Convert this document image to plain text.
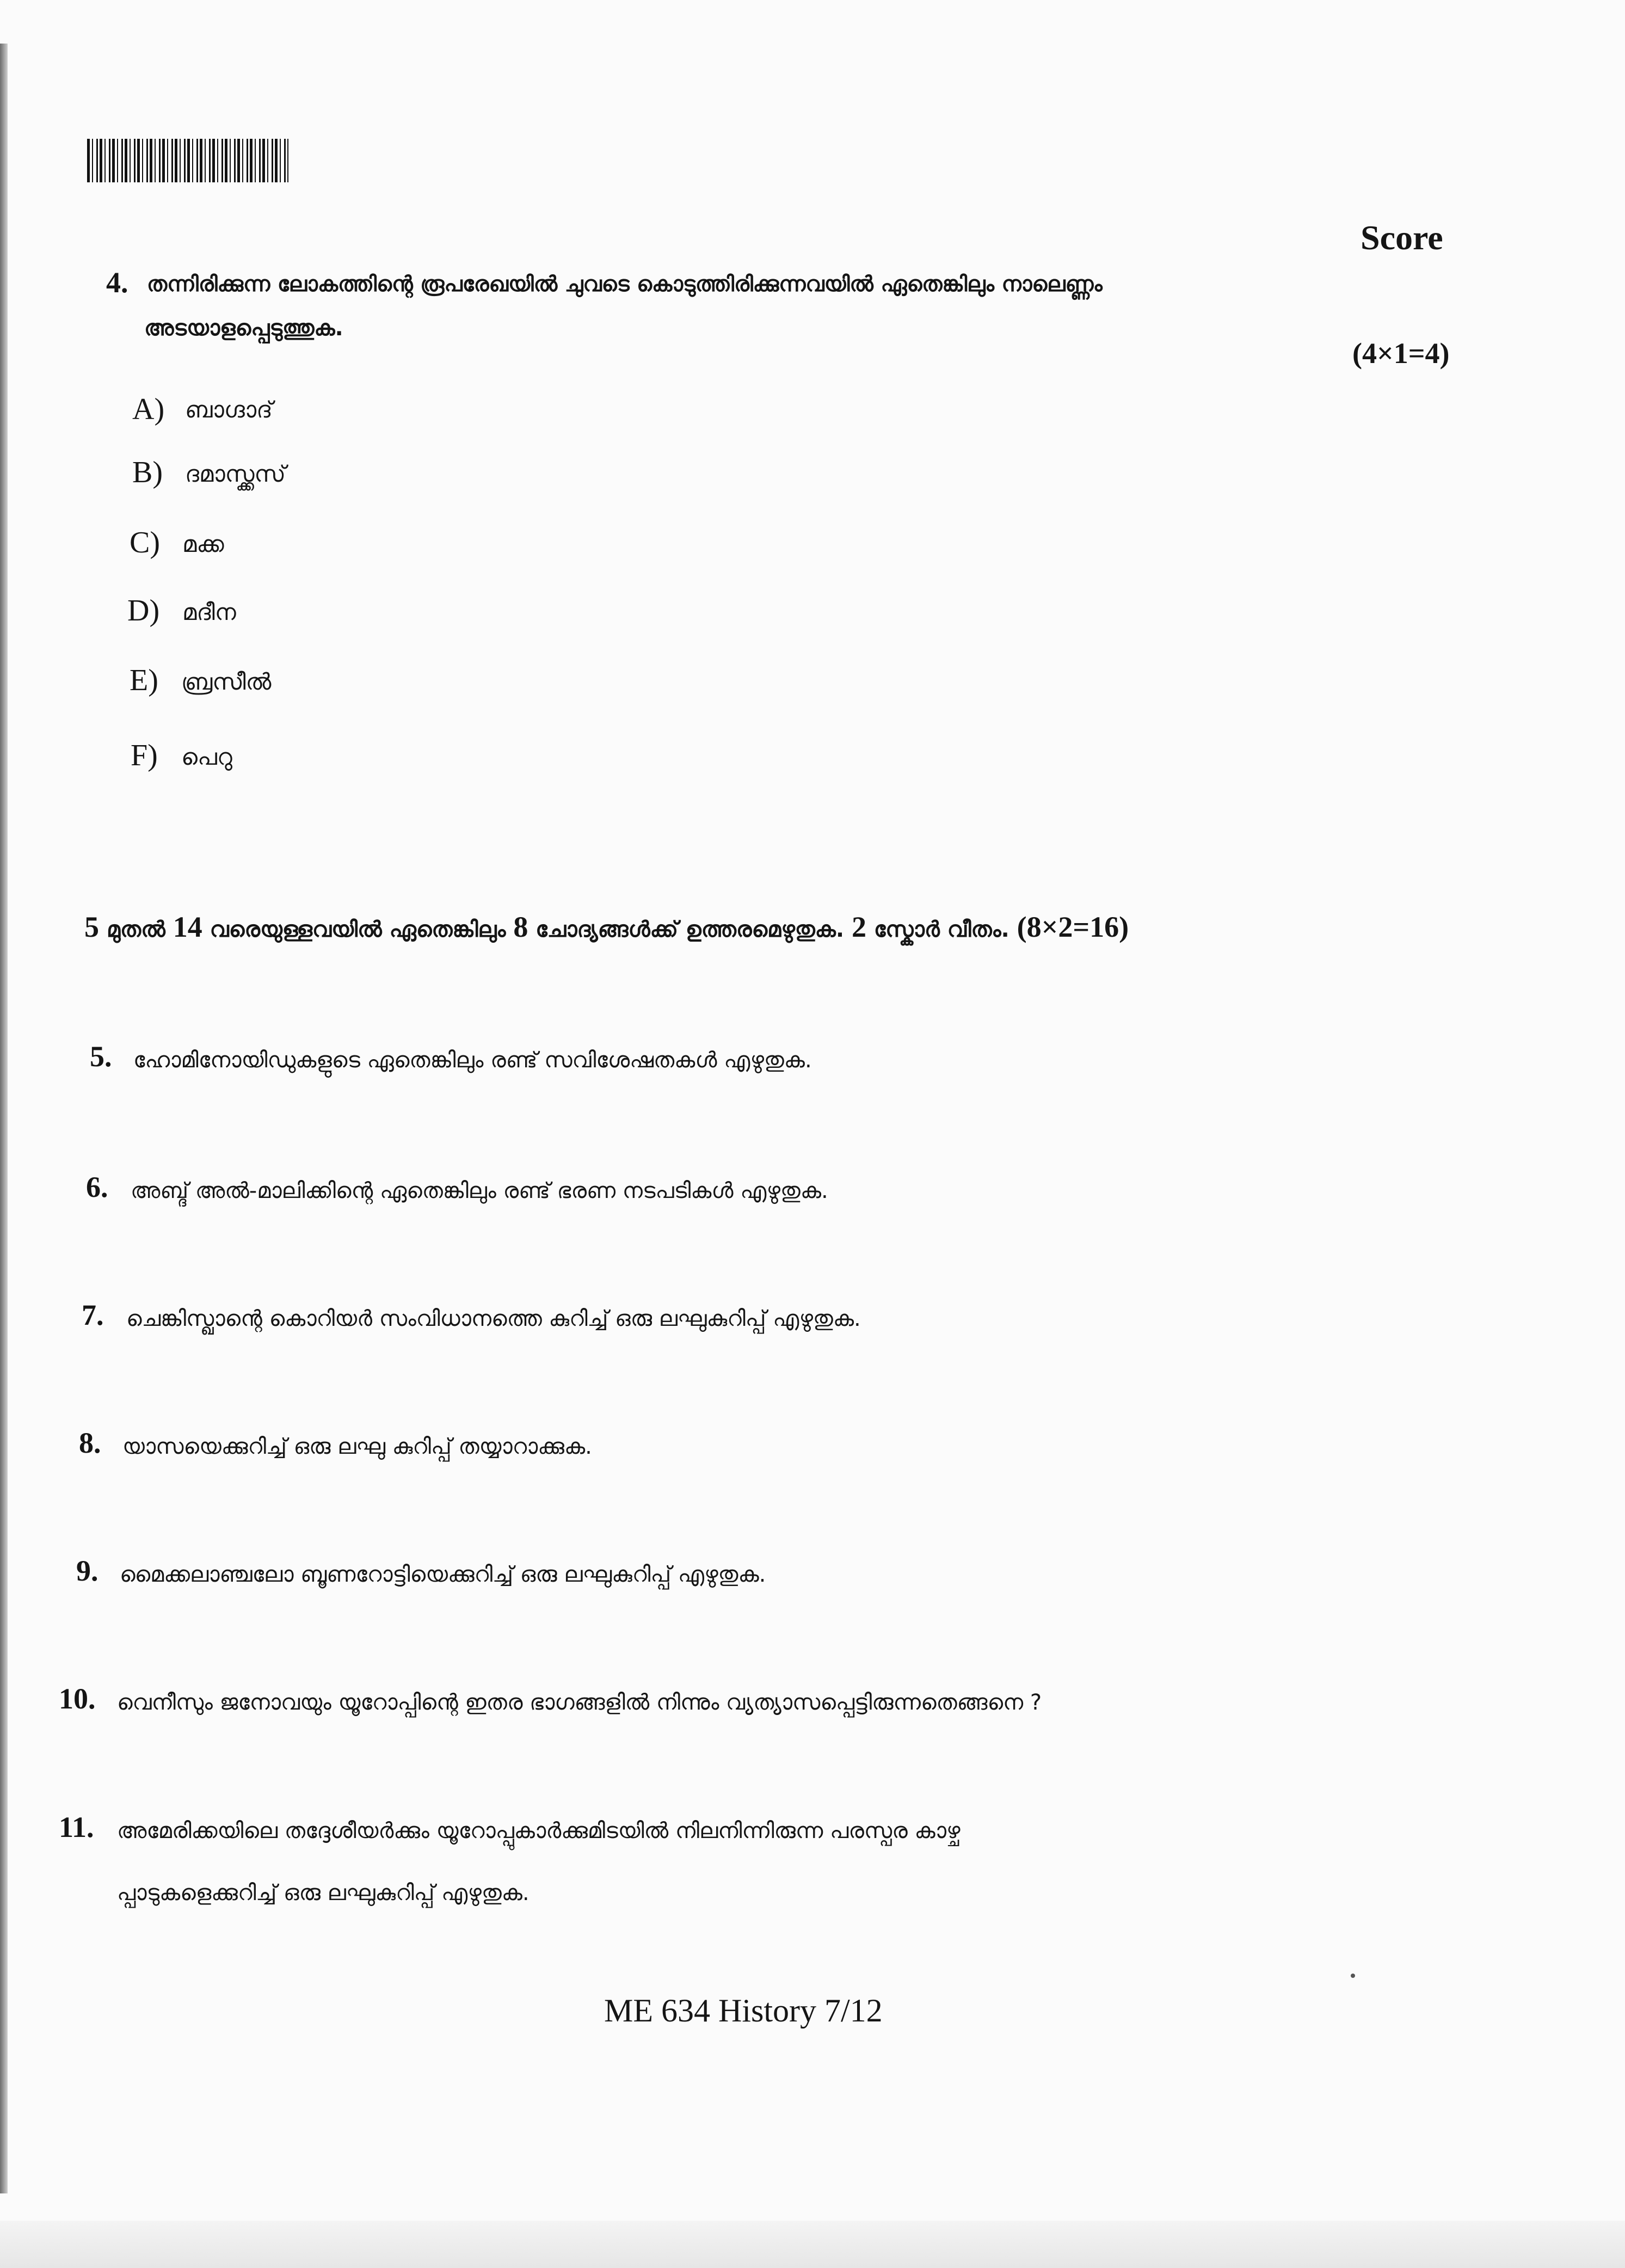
Score
4. തന്നിരിക്കുന്ന ലോകത്തിന്റെ രൂപരേഖയിൽ ചുവടെ കൊടുത്തിരിക്കുന്നവയിൽ ഏതെങ്കിലും നാലെണ്ണം
അടയാളപ്പെടുത്തുക.
(4×1=4)
A) ബാഗ്ദാദ്
B) ദമാസ്ക്കസ്
C) മക്ക
D) മദീന
E) ബ്രസീൽ
F) പെറു
5 മുതൽ 14 വരെയുള്ളവയിൽ ഏതെങ്കിലും 8 ചോദ്യങ്ങൾക്ക് ഉത്തരമെഴുതുക. 2 സ്കോർ വീതം. (8×2=16)
5. ഹോമിനോയിഡുകളുടെ ഏതെങ്കിലും രണ്ട് സവിശേഷതകൾ എഴുതുക.
6. അബ്ദ് അൽ-മാലിക്കിന്റെ ഏതെങ്കിലും രണ്ട് ഭരണ നടപടികൾ എഴുതുക.
7. ചെങ്കിസ്ഖാന്റെ കൊറിയർ സംവിധാനത്തെ കുറിച്ച് ഒരു ലഘുകുറിപ്പ് എഴുതുക.
8. യാസയെക്കുറിച്ച് ഒരു ലഘു കുറിപ്പ് തയ്യാറാക്കുക.
9. മൈക്കലാഞ്ചലോ ബൂണറോട്ടിയെക്കുറിച്ച് ഒരു ലഘുകുറിപ്പ് എഴുതുക.
10. വെനീസും ജനോവയും യൂറോപ്പിന്റെ ഇതര ഭാഗങ്ങളിൽ നിന്നും വ്യത്യാസപ്പെട്ടിരുന്നതെങ്ങനെ ?
11. അമേരിക്കയിലെ തദ്ദേശീയർക്കും യൂറോപ്പുകാർക്കുമിടയിൽ നിലനിന്നിരുന്ന പരസ്പര കാഴ്ച
പ്പാടുകളെക്കുറിച്ച് ഒരു ലഘുകുറിപ്പ് എഴുതുക.
ME 634 History 7/12
